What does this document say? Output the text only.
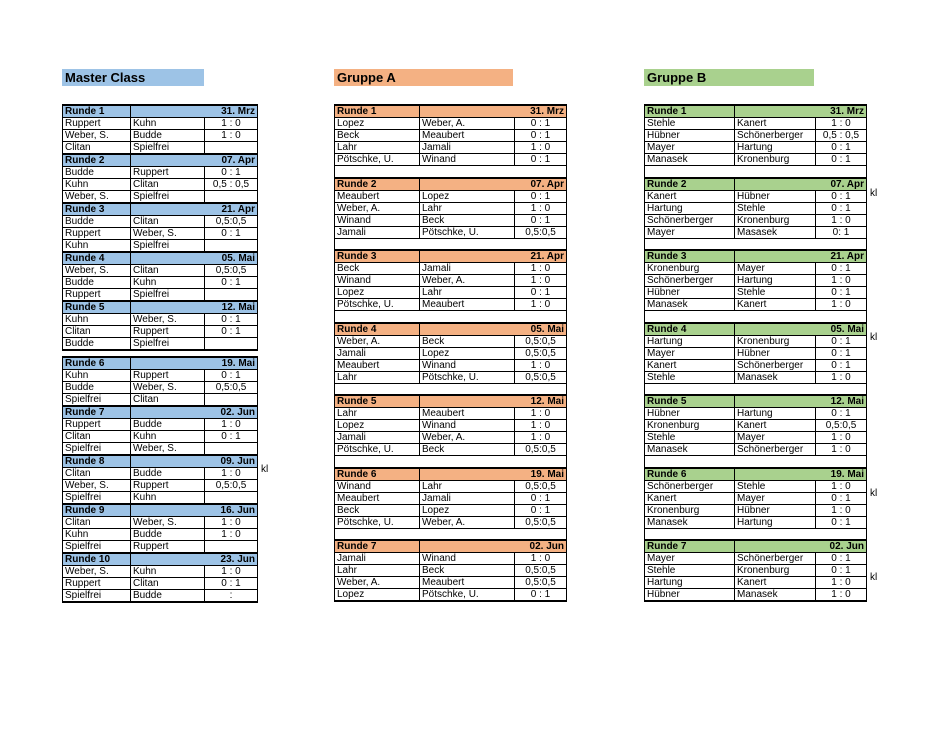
Master Class	Gruppe A	Gruppe B
Runde 1	31. Mrz	
Ruppert	Kuhn	1 : 0
Weber, S.	Budde	1 : 0
Clitan	Spielfrei	
Runde 2	07. Apr	
Budde	Ruppert	0 : 1
Kuhn	Clitan	0,5 : 0,5
Weber, S.	Spielfrei	
Runde 3	21. Apr	
Budde	Clitan	0,5:0,5
Ruppert	Weber, S.	0 : 1
Kuhn	Spielfrei	
Runde 4	05. Mai	
Weber, S.	Clitan	0,5:0,5
Budde	Kuhn	0 : 1
Ruppert	Spielfrei	
Runde 5	12. Mai	
Kuhn	Weber, S.	0 : 1
Clitan	Ruppert	0 : 1
Budde	Spielfrei	
Runde 6	19. Mai	
Kuhn	Ruppert	0 : 1
Budde	Weber, S.	0,5:0,5
Spielfrei	Clitan	
Runde 7	02. Jun	
Ruppert	Budde	1 : 0
Clitan	Kuhn	0 : 1
Spielfrei	Weber, S.	
Runde 8	09. Jun	
Clitan	Budde	1 : 0
Weber, S.	Ruppert	0,5:0,5
Spielfrei	Kuhn	
Runde 9	16. Jun	
Clitan	Weber, S.	1 : 0
Kuhn	Budde	1 : 0
Spielfrei	Ruppert	
Runde 10	23. Jun	
Weber, S.	Kuhn	1 : 0
Ruppert	Clitan	0 : 1
Spielfrei	Budde	:
kl
Runde 1	31. Mrz	
Lopez	Weber, A.	0 : 1
Beck	Meaubert	0 : 1
Lahr	Jamali	1 : 0
Pötschke, U.	Winand	0 : 1

Runde 2	07. Apr	
Meaubert	Lopez	0 : 1
Weber, A.	Lahr	1 : 0
Winand	Beck	0 : 1
Jamali	Pötschke, U.	0,5:0,5

Runde 3	21. Apr	
Beck	Jamali	1 : 0
Winand	Weber, A.	1 : 0
Lopez	Lahr	0 : 1
Pötschke, U.	Meaubert	1 : 0

Runde 4	05. Mai	
Weber, A.	Beck	0,5:0,5
Jamali	Lopez	0,5:0,5
Meaubert	Winand	1 : 0
Lahr	Pötschke, U.	0,5:0,5

Runde 5	12. Mai	
Lahr	Meaubert	1 : 0
Lopez	Winand	1 : 0
Jamali	Weber, A.	1 : 0
Pötschke, U.	Beck	0,5:0,5

Runde 6	19. Mai	
Winand	Lahr	0,5:0,5
Meaubert	Jamali	0 : 1
Beck	Lopez	0 : 1
Pötschke, U.	Weber, A.	0,5:0,5

Runde 7	02. Jun	
Jamali	Winand	1 : 0
Lahr	Beck	0,5:0,5
Weber, A.	Meaubert	0,5:0,5
Lopez	Pötschke, U.	0 : 1
Runde 1	31. Mrz	
Stehle	Kanert	1 : 0
Hübner	Schönerberger	0,5 : 0,5
Mayer	Hartung	0 : 1
Manasek	Kronenburg	0 : 1

Runde 2	07. Apr	
Kanert	Hübner	0 : 1
Hartung	Stehle	0 : 1
Schönerberger	Kronenburg	1 : 0
Mayer	Masasek	0: 1

Runde 3	21. Apr	
Kronenburg	Mayer	0 : 1
Schönerberger	Hartung	1 : 0
Hübner	Stehle	0 : 1
Manasek	Kanert	1 : 0

Runde 4	05. Mai	
Hartung	Kronenburg	0 : 1
Mayer	Hübner	0 : 1
Kanert	Schönerberger	0 : 1
Stehle	Manasek	1 : 0

Runde 5	12. Mai	
Hübner	Hartung	0 : 1
Kronenburg	Kanert	0,5:0,5
Stehle	Mayer	1 : 0
Manasek	Schönerberger	1 : 0

Runde 6	19. Mai	
Schönerberger	Stehle	1 : 0
Kanert	Mayer	0 : 1
Kronenburg	Hübner	1 : 0
Manasek	Hartung	0 : 1

Runde 7	02. Jun	
Mayer	Schönerberger	0 : 1
Stehle	Kronenburg	0 : 1
Hartung	Kanert	1 : 0
Hübner	Manasek	1 : 0
kl
kl
kl
kl
